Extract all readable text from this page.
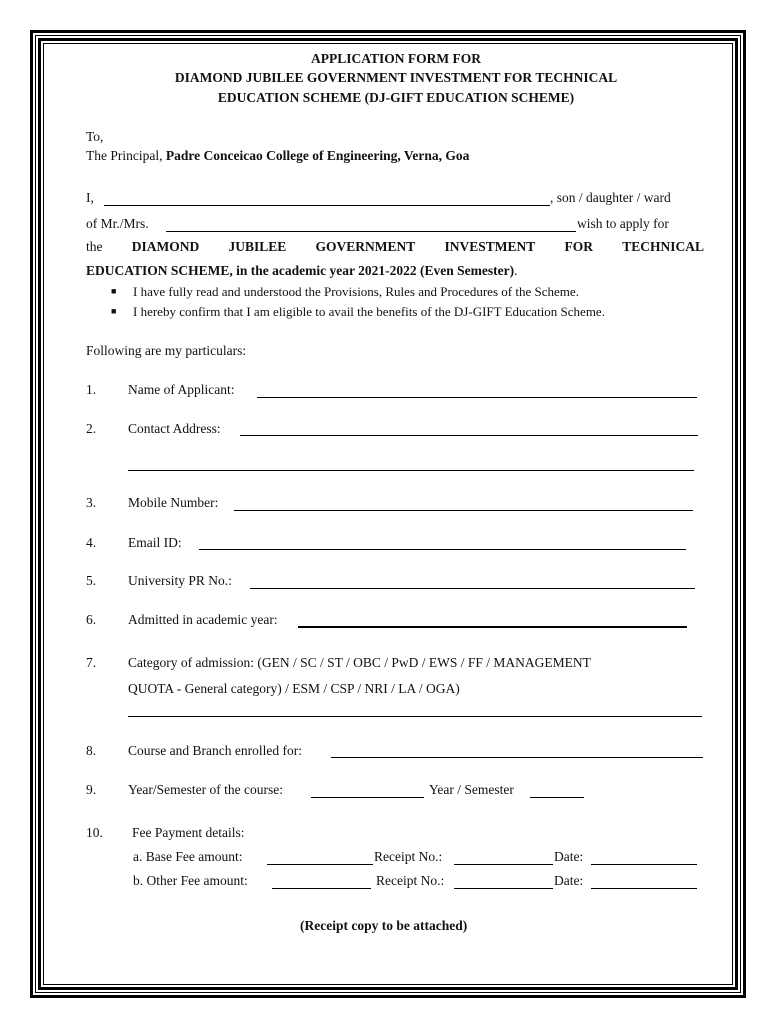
APPLICATION FORM FOR
DIAMOND JUBILEE GOVERNMENT INVESTMENT FOR TECHNICAL
EDUCATION SCHEME (DJ-GIFT EDUCATION SCHEME)
To,
The Principal, Padre Conceicao College of Engineering, Verna, Goa
I,	, son / daughter / ward
of Mr./Mrs.	wish to apply for
the DIAMOND JUBILEE GOVERNMENT INVESTMENT FOR TECHNICAL
EDUCATION SCHEME, in the academic year 2021-2022 (Even Semester).
■ I have fully read and understood the Provisions, Rules and Procedures of the Scheme.
■ I hereby confirm that I am eligible to avail the benefits of the DJ-GIFT Education Scheme.
Following are my particulars:
1. Name of Applicant:
2. Contact Address:
3. Mobile Number:
4. Email ID:
5. University PR No.:
6. Admitted in academic year:
7. Category of admission: (GEN / SC / ST / OBC / PwD / EWS / FF / MANAGEMENT
QUOTA - General category) / ESM / CSP / NRI / LA / OGA)
8. Course and Branch enrolled for:
9. Year/Semester of the course:	Year / Semester
10. Fee Payment details:
a. Base Fee amount:	Receipt No.:	Date:
b. Other Fee amount:	Receipt No.:	Date:
(Receipt copy to be attached)
